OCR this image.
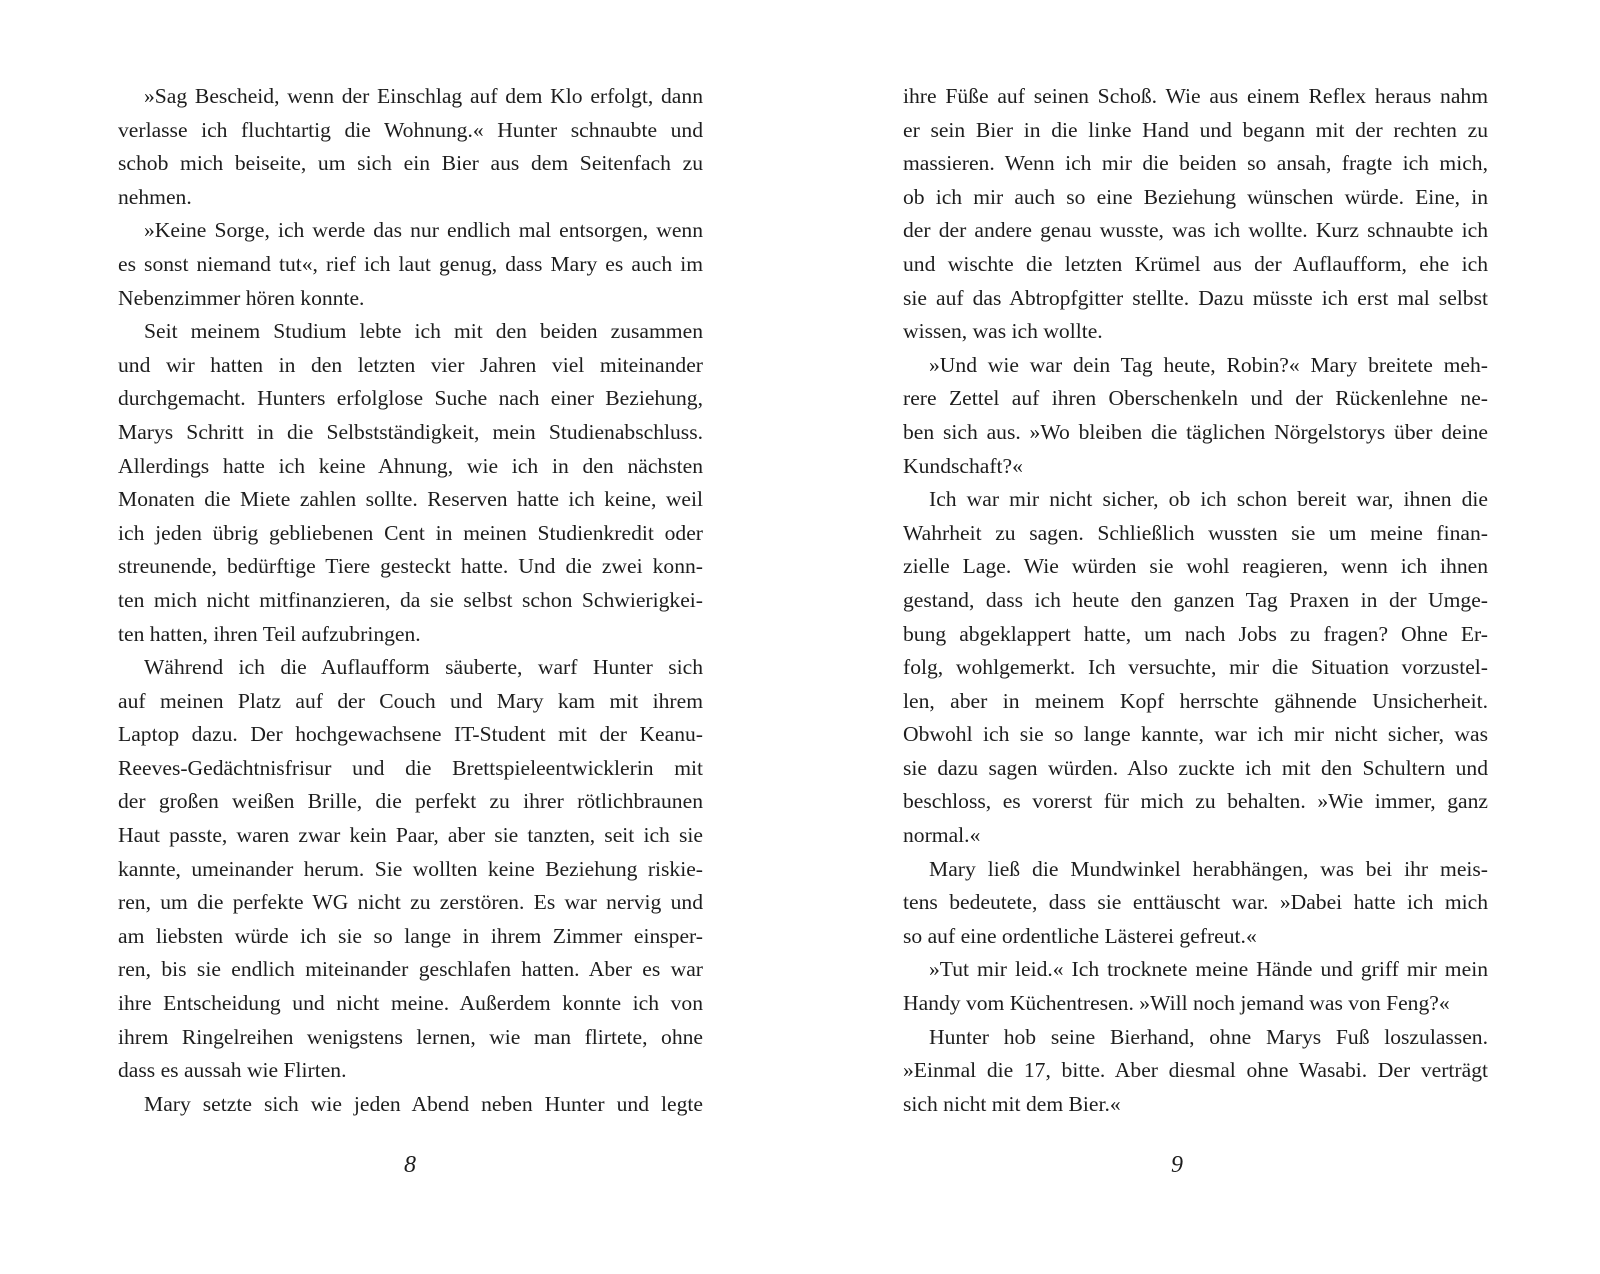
»Sag Bescheid, wenn der Einschlag auf dem Klo erfolgt, dann
verlasse ich fluchtartig die Wohnung.« Hunter schnaubte und
schob mich beiseite, um sich ein Bier aus dem Seitenfach zu
nehmen.
»Keine Sorge, ich werde das nur endlich mal entsorgen, wenn
es sonst niemand tut«, rief ich laut genug, dass Mary es auch im
Nebenzimmer hören konnte.
Seit meinem Studium lebte ich mit den beiden zusammen
und wir hatten in den letzten vier Jahren viel miteinander
durchgemacht. Hunters erfolglose Suche nach einer Beziehung,
Marys Schritt in die Selbstständigkeit, mein Studienabschluss.
Allerdings hatte ich keine Ahnung, wie ich in den nächsten
Monaten die Miete zahlen sollte. Reserven hatte ich keine, weil
ich jeden übrig gebliebenen Cent in meinen Studienkredit oder
streunende, bedürftige Tiere gesteckt hatte. Und die zwei konn-
ten mich nicht mitfinanzieren, da sie selbst schon Schwierigkei-
ten hatten, ihren Teil aufzubringen.
Während ich die Auflaufform säuberte, warf Hunter sich
auf meinen Platz auf der Couch und Mary kam mit ihrem
Laptop dazu. Der hochgewachsene IT-Student mit der Keanu-
Reeves-Gedächtnisfrisur und die Brettspieleentwicklerin mit
der großen weißen Brille, die perfekt zu ihrer rötlichbraunen
Haut passte, waren zwar kein Paar, aber sie tanzten, seit ich sie
kannte, umeinander herum. Sie wollten keine Beziehung riskie-
ren, um die perfekte WG nicht zu zerstören. Es war nervig und
am liebsten würde ich sie so lange in ihrem Zimmer einsper-
ren, bis sie endlich miteinander geschlafen hatten. Aber es war
ihre Entscheidung und nicht meine. Außerdem konnte ich von
ihrem Ringelreihen wenigstens lernen, wie man flirtete, ohne
dass es aussah wie Flirten.
Mary setzte sich wie jeden Abend neben Hunter und legte
8
ihre Füße auf seinen Schoß. Wie aus einem Reflex heraus nahm
er sein Bier in die linke Hand und begann mit der rechten zu
massieren. Wenn ich mir die beiden so ansah, fragte ich mich,
ob ich mir auch so eine Beziehung wünschen würde. Eine, in
der der andere genau wusste, was ich wollte. Kurz schnaubte ich
und wischte die letzten Krümel aus der Auflaufform, ehe ich
sie auf das Abtropfgitter stellte. Dazu müsste ich erst mal selbst
wissen, was ich wollte.
»Und wie war dein Tag heute, Robin?« Mary breitete meh-
rere Zettel auf ihren Oberschenkeln und der Rückenlehne ne-
ben sich aus. »Wo bleiben die täglichen Nörgelstorys über deine
Kundschaft?«
Ich war mir nicht sicher, ob ich schon bereit war, ihnen die
Wahrheit zu sagen. Schließlich wussten sie um meine finan-
zielle Lage. Wie würden sie wohl reagieren, wenn ich ihnen
gestand, dass ich heute den ganzen Tag Praxen in der Umge-
bung abgeklappert hatte, um nach Jobs zu fragen? Ohne Er-
folg, wohlgemerkt. Ich versuchte, mir die Situation vorzustel-
len, aber in meinem Kopf herrschte gähnende Unsicherheit.
Obwohl ich sie so lange kannte, war ich mir nicht sicher, was
sie dazu sagen würden. Also zuckte ich mit den Schultern und
beschloss, es vorerst für mich zu behalten. »Wie immer, ganz
normal.«
Mary ließ die Mundwinkel herabhängen, was bei ihr meis-
tens bedeutete, dass sie enttäuscht war. »Dabei hatte ich mich
so auf eine ordentliche Lästerei gefreut.«
»Tut mir leid.« Ich trocknete meine Hände und griff mir mein
Handy vom Küchentresen. »Will noch jemand was von Feng?«
Hunter hob seine Bierhand, ohne Marys Fuß loszulassen.
»Einmal die 17, bitte. Aber diesmal ohne Wasabi. Der verträgt
sich nicht mit dem Bier.«
9
